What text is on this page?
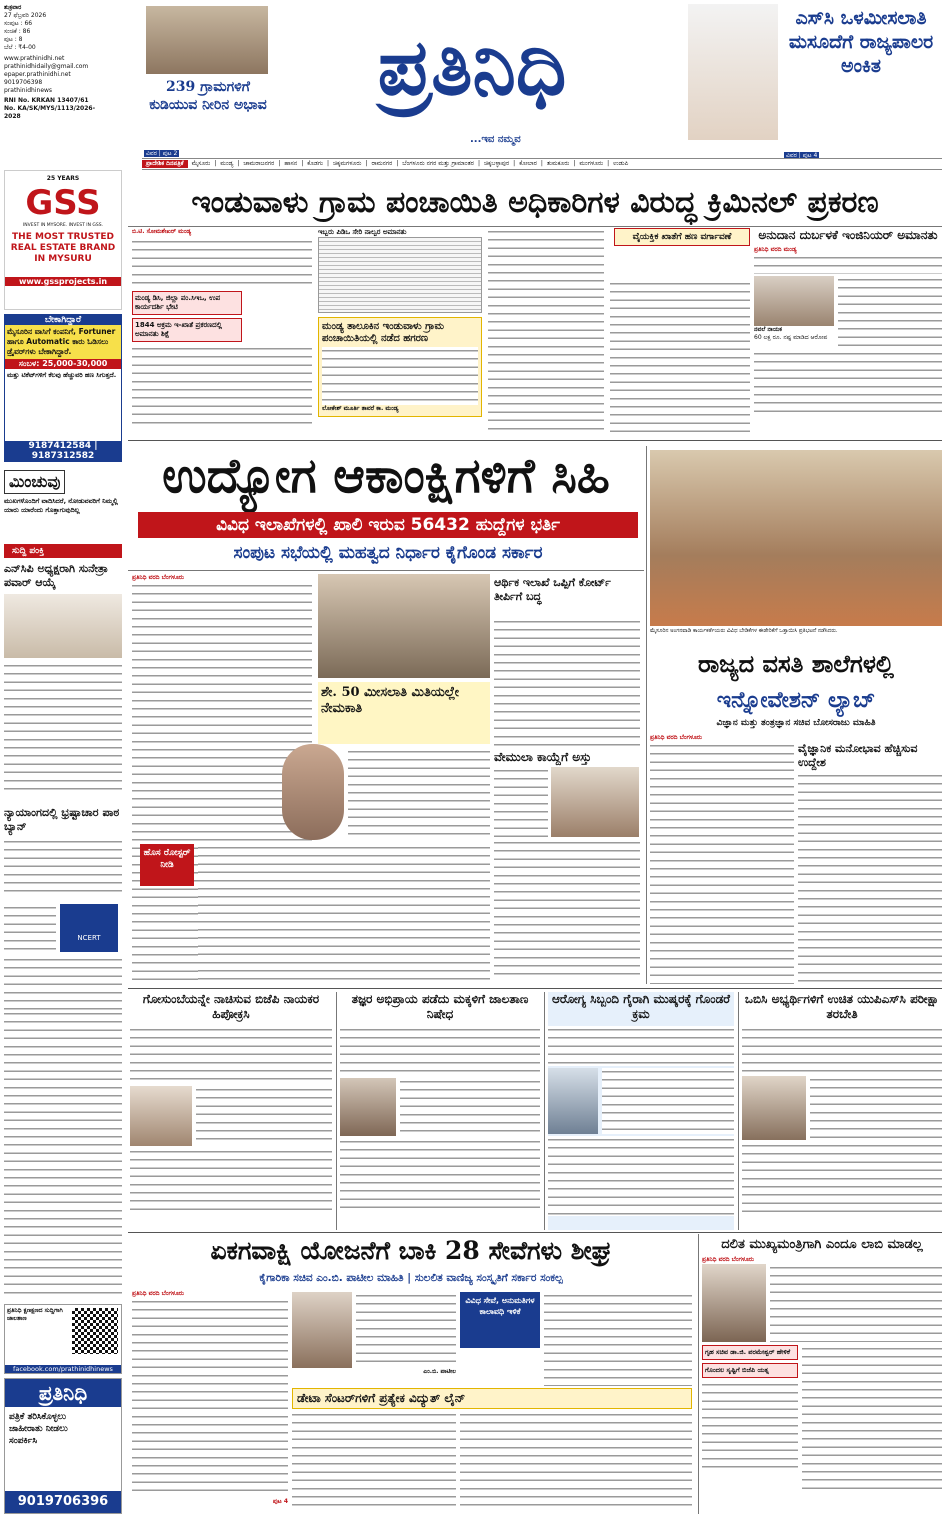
ಶುಕ್ರವಾರ
27 ಫೆಬ್ರವರಿ 2026
ಸಂಪುಟ : 66
ಸಂಚಿಕೆ : 86
ಪುಟ : 8
ಬೆಲೆ : ₹4-00
www.prathinidhi.net
prathinidhidaily@gmail.com
epaper.prathinidhi.net
9019706398
prathinidhinews
RNI No. KRKAN 13407/61
No. KA/SK/MYS/1113/2026-2028
239 ಗ್ರಾಮಗಳಿಗೆ ಕುಡಿಯುವ ನೀರಿನ ಅಭಾವ
ವಿವರ | ಪುಟ 2
ಪ್ರತಿನಿಧಿ
...ಇವ ನಮ್ಮವ
ಎಸ್‌ಸಿ ಒಳಮೀಸಲಾತಿ ಮಸೂದೆಗೆ ರಾಜ್ಯಪಾಲರ ಅಂಕಿತ
ವಿವರ | ಪುಟ 4
ಪ್ರಾದೇಶಿಕ ದಿನಪತ್ರಿಕೆ	ಮೈಸೂರು | ಮಂಡ್ಯ | ಚಾಮರಾಜನಗರ | ಹಾಸನ | ಕೊಡಗು | ಚಿಕ್ಕಮಗಳೂರು | ರಾಮನಗರ | ಬೆಂಗಳೂರು ನಗರ ಮತ್ತು ಗ್ರಾಮಾಂತರ | ಚಿಕ್ಕಬಳ್ಳಾಪುರ | ಕೋಲಾರ | ತುಮಕೂರು | ಮಂಗಳೂರು | ಉಡುಪಿ
25 YEARS
GSS
INVEST IN MYSORE. INVEST IN GSS.
THE MOST TRUSTED REAL ESTATE BRAND IN MYSURU
www.gssprojects.in
ಬೇಕಾಗಿದ್ದಾರೆ
ಮೈಸೂರಿನ ವಾಸಿಗೆ ಕಂಪನಿಗೆ, Fortuner ಹಾಗೂ Automatic ಕಾರು ಓಡಿಸಲು ಡ್ರೈವರ್‌ಗಳು ಬೇಕಾಗಿದ್ದಾರೆ.
ಸಂಬಳ: 25,000-30,000
ಮತ್ತು ಟಿಕೆಟ್‌ಗಳಿಗೆ ಕೆಲವು ಹೆಚ್ಚುವರಿ ಹಣ ಸಿಗುತ್ತದೆ.
9187412584 | 9187312582
ಮಿಂಚುವು
ಮುಖಗಳೊಂದಿಗೆ ವಾದಿಸಿದರೆ, ನೋಡುವವರಿಗೆ ನಿಮ್ಮಲ್ಲಿ ಯಾರು ಯಾರೆಂದು ಗೊತ್ತಾಗುವುದಿಲ್ಲ
ಸುದ್ದಿ ಪಂಕ್ತಿ
ಎನ್‌ಸಿಪಿ ಅಧ್ಯಕ್ಷರಾಗಿ ಸುನೇತ್ರಾ ಪವಾರ್ ಆಯ್ಕೆ
ನ್ಯಾಯಾಂಗದಲ್ಲಿ ಭ್ರಷ್ಟಾಚಾರ ಪಾಠ ಬ್ಯಾನ್
NCERT
ಪ್ರತಿನಿಧಿ ಕ್ಷಣಕ್ಷಣದ ಸುದ್ದಿಗಾಗಿ ಜಾಲತಾಣ
facebook.com/prathinidhinews
ಪ್ರತಿನಿಧಿ
ಪತ್ರಿಕೆ ತರಿಸಿಕೊಳ್ಳಲು ಜಾಹೀರಾತು ನೀಡಲು ಸಂಪರ್ಕಿಸಿ
9019706396
ಇಂಡುವಾಳು ಗ್ರಾಮ ಪಂಚಾಯಿತಿ ಅಧಿಕಾರಿಗಳ ವಿರುದ್ಧ ಕ್ರಿಮಿನಲ್ ಪ್ರಕರಣ
ಬಿ.ಟಿ. ಸೋಮಶೇಖರ್ ಮಂಡ್ಯ
ಮಂಡ್ಯ ಡಿಸಿ, ಜಿಲ್ಲಾ ಪಂ.ಸಿಇಒ, ಉಪ ಕಾರ್ಯದರ್ಶಿ ಭೇಟಿ
1844 ಅಕ್ರಮ ಇ-ಖಾತೆ ಪ್ರಕರಣದಲ್ಲಿ ಅಮಾನತು ಶಿಕ್ಷೆ
ಇಬ್ಬರು ಪಿಡಿಒ ಸೇರಿ ನಾಲ್ವರ ಅಮಾನತು
ಮಂಡ್ಯ ತಾಲೂಕಿನ ಇಂಡುವಾಳು ಗ್ರಾಮ ಪಂಚಾಯಿತಿಯಲ್ಲಿ ನಡೆದ ಹಗರಣ
ಲೋಕೇಶ್ ಮೂರ್ತಿ ತಾವರೆ ಕಾ. ಮಂಡ್ಯ
ವೈಯಕ್ತಿಕ ಖಾತೆಗೆ ಹಣ ವರ್ಗಾವಣೆ	ಅನುದಾನ ದುರ್ಬಳಕೆ ಇಂಜಿನಿಯರ್ ಅಮಾನತು
ಪ್ರತಿನಿಧಿ ವರದಿ ಮಂಡ್ಯ
ನವಲೆ ನಾಯಕ
60 ಲಕ್ಷ ರೂ. ನಷ್ಟ ಮಾಡಿದ ಆರೋಪ
ಉದ್ಯೋಗ ಆಕಾಂಕ್ಷಿಗಳಿಗೆ ಸಿಹಿ
ವಿವಿಧ ಇಲಾಖೆಗಳಲ್ಲಿ ಖಾಲಿ ಇರುವ 56432 ಹುದ್ದೆಗಳ ಭರ್ತಿ
ಸಂಪುಟ ಸಭೆಯಲ್ಲಿ ಮಹತ್ವದ ನಿರ್ಧಾರ ಕೈಗೊಂಡ ಸರ್ಕಾರ
ಪ್ರತಿನಿಧಿ ವರದಿ ಬೆಂಗಳೂರು	ಆರ್ಥಿಕ ಇಲಾಖೆ ಒಪ್ಪಿಗೆ ಕೋರ್ಟ್ ತೀರ್ಪಿಗೆ ಬದ್ಧ
ಶೇ. 50 ಮೀಸಲಾತಿ ಮಿತಿಯಲ್ಲೇ ನೇಮಕಾತಿ
ಹೊಸ ರೋಸ್ಟರ್ ನೀಡಿ
ವೇಮುಲಾ ಕಾಯ್ದೆಗೆ ಅಸ್ತು
ಮೈಸೂರಿನ ಅಂಗನವಾಡಿ ಕಾರ್ಯಕರ್ತೆಯರು ವಿವಿಧ ಬೇಡಿಕೆಗಳ ಈಡೇರಿಕೆಗೆ ಒತ್ತಾಯಿಸಿ ಪ್ರತಿಭಟನೆ ನಡೆಸಿದರು.
ರಾಜ್ಯದ ವಸತಿ ಶಾಲೆಗಳಲ್ಲಿ
ಇನ್ನೋವೇಶನ್ ಲ್ಯಾಬ್
ವಿಜ್ಞಾನ ಮತ್ತು ತಂತ್ರಜ್ಞಾನ ಸಚಿವ ಬೋಸರಾಜು ಮಾಹಿತಿ
ಪ್ರತಿನಿಧಿ ವರದಿ ಬೆಂಗಳೂರು
ವೈಜ್ಞಾನಿಕ ಮನೋಭಾವ ಹೆಚ್ಚಿಸುವ ಉದ್ದೇಶ
ಗೋಸುಂಬೆಯನ್ನೇ ನಾಚಿಸುವ ಬಿಜೆಪಿ ನಾಯಕರ ಹಿಪೋಕ್ರಸಿ
ತಜ್ಞರ ಅಭಿಪ್ರಾಯ ಪಡೆದು ಮಕ್ಕಳಿಗೆ ಜಾಲತಾಣ ನಿಷೇಧ
ಆರೋಗ್ಯ ಸಿಬ್ಬಂದಿ ಗೈರಾಗಿ ಮುಷ್ಕರಕ್ಕೆ ಗೊಂಡರೆ ಕ್ರಮ
ಒಬಿಸಿ ಅಭ್ಯರ್ಥಿಗಳಿಗೆ ಉಚಿತ ಯುಪಿಎಸ್‌ಸಿ ಪರೀಕ್ಷಾ ತರಬೇತಿ
ಏಕಗವಾಕ್ಷಿ ಯೋಜನೆಗೆ ಬಾಕಿ 28 ಸೇವೆಗಳು ಶೀಘ್ರ
ಕೈಗಾರಿಕಾ ಸಚಿವ ಎಂ.ಬಿ. ಪಾಟೀಲ ಮಾಹಿತಿ | ಸುಲಲಿತ ವಾಣಿಜ್ಯ ಸಂಸ್ಕೃತಿಗೆ ಸರ್ಕಾರ ಸಂಕಲ್ಪ
ಪ್ರತಿನಿಧಿ ವರದಿ ಬೆಂಗಳೂರು
ಪುಟ 4
ಎಂ.ಬಿ. ಪಾಟೀಲ
ವಿವಿಧ ಸೇವೆ, ಅನುಮತಿಗಳ ಕಾಲಾವಧಿ ಇಳಿಕೆ
ಡೇಟಾ ಸೆಂಟರ್‌ಗಳಿಗೆ ಪ್ರತ್ಯೇಕ ವಿದ್ಯುತ್ ಲೈನ್
ದಲಿತ ಮುಖ್ಯಮಂತ್ರಿಗಾಗಿ ಎಂದೂ ಲಾಬಿ ಮಾಡಲ್ಲ
ಪ್ರತಿನಿಧಿ ವರದಿ ಬೆಂಗಳೂರು
ಗೃಹ ಸಚಿವ ಡಾ.ಜಿ. ಪರಮೇಶ್ವರ್ ಹೇಳಿಕೆ
ಗೊಂದಲ ಸೃಷ್ಟಿಗೆ ಬಿಜೆಪಿ ಯತ್ನ
